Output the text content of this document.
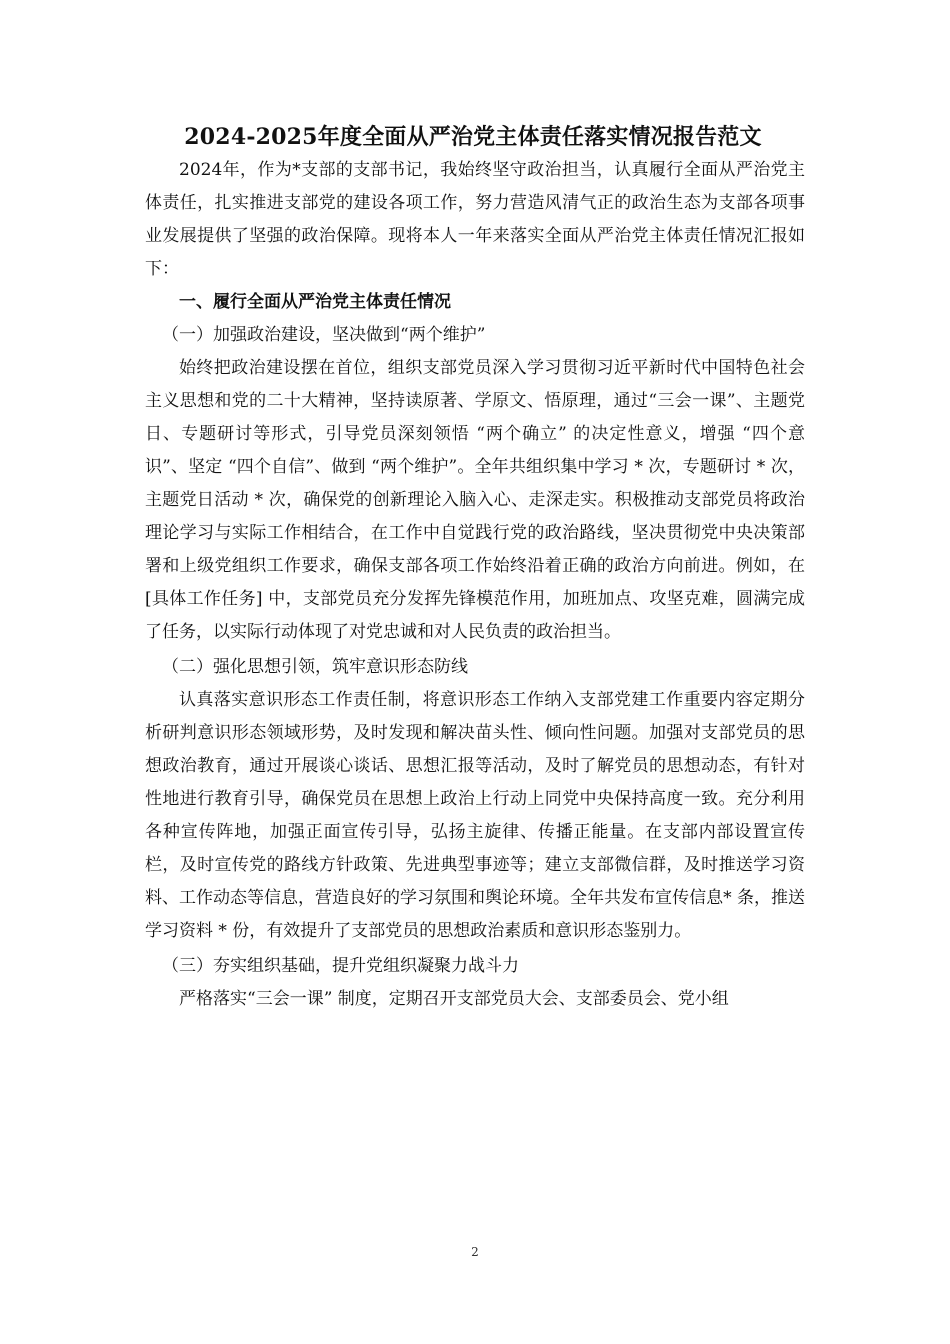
2024-2025年度全面从严治党主体责任落实情况报告范文

2024年，作为*支部的支部书记，我始终坚守政治担当，认真履行全面从严治党主体责任，扎实推进支部党的建设各项工作，努力营造风清气正的政治生态为支部各项事业发展提供了坚强的政治保障。现将本人一年来落实全面从严治党主体责任情况汇报如下：

一、履行全面从严治党主体责任情况

（一）加强政治建设，坚决做到“两个维护”

始终把政治建设摆在首位，组织支部党员深入学习贯彻习近平新时代中国特色社会主义思想和党的二十大精神，坚持读原著、学原文、悟原理，通过“三会一课”、主题党日、专题研讨等形式，引导党员深刻领悟 “两个确立” 的决定性意义，增强 “四个意识”、坚定 “四个自信”、做到 “两个维护”。全年共组织集中学习 * 次，专题研讨 * 次，主题党日活动 * 次，确保党的创新理论入脑入心、走深走实。积极推动支部党员将政治理论学习与实际工作相结合，在工作中自觉践行党的政治路线，坚决贯彻党中央决策部署和上级党组织工作要求，确保支部各项工作始终沿着正确的政治方向前进。例如，在[具体工作任务] 中，支部党员充分发挥先锋模范作用，加班加点、攻坚克难，圆满完成了任务，以实际行动体现了对党忠诚和对人民负责的政治担当。

（二）强化思想引领，筑牢意识形态防线

认真落实意识形态工作责任制，将意识形态工作纳入支部党建工作重要内容定期分析研判意识形态领域形势，及时发现和解决苗头性、倾向性问题。加强对支部党员的思想政治教育，通过开展谈心谈话、思想汇报等活动，及时了解党员的思想动态，有针对性地进行教育引导，确保党员在思想上政治上行动上同党中央保持高度一致。充分利用各种宣传阵地，加强正面宣传引导，弘扬主旋律、传播正能量。在支部内部设置宣传栏，及时宣传党的路线方针政策、先进典型事迹等；建立支部微信群，及时推送学习资料、工作动态等信息，营造良好的学习氛围和舆论环境。全年共发布宣传信息* 条，推送学习资料 * 份，有效提升了支部党员的思想政治素质和意识形态鉴别力。

（三）夯实组织基础，提升党组织凝聚力战斗力

严格落实“三会一课” 制度，定期召开支部党员大会、支部委员会、党小组

2
